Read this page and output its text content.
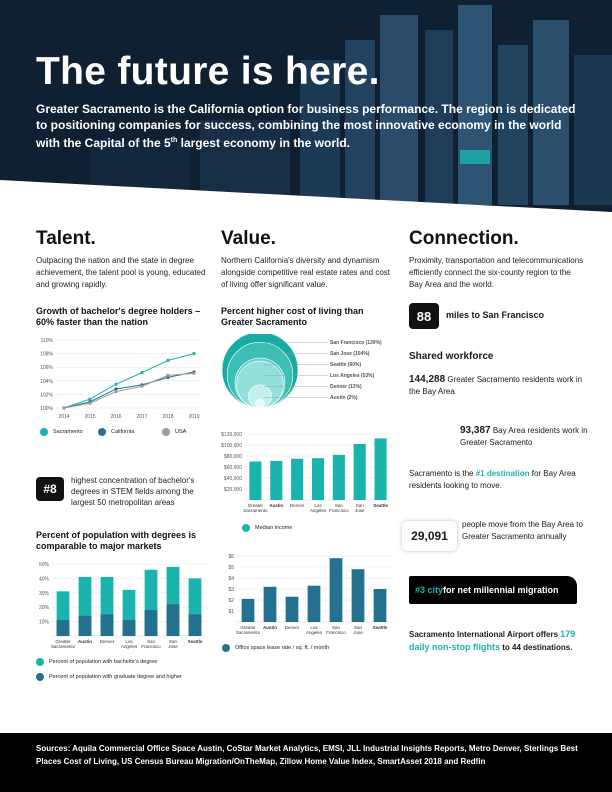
The future is here.

Greater Sacramento is the California option for business performance. The region is dedicated to positioning companies for success, combining the most innovative economy in the world with the Capital of the 5th largest economy in the world.

Talent.

Outpacing the nation and the state in degree achievement, the talent pool is young, educated and growing rapidly.

Growth of bachelor's degree holders – 60% faster than the nation

100%
102%
104%
106%
108%
110%
2014	2015	2016	2017	2018	2019
Sacramento	California	USA
#8

highest concentration of bachelor's degrees in STEM fields among the largest 50 metropolitan areas

Percent of population with degrees is comparable to major markets

10%
20%
30%
40%
50%
Greater
Sacramento
Austin Denver Los
Angeles
San
Francisco
San
Jose
Seattle
Percent of population with bachelor's degree
Percent of population with graduate degree and higher
Value.

Northern California's diversity and dynamism alongside competitive real estate rates and cost of living offer significant value.

Percent higher cost of living than Greater Sacramento

San Francisco (139%)
San Jose (104%)
Seattle (60%)
Los Angeles (53%)
Denver (13%)
Austin (2%)
$20,000
$40,000
$60,000
$80,000
$100,000
$120,000
Greater
Sacramento
Austin Denver Los
Angeles
San
Francisco
San
Jose
Seattle
Median income
$1
$2
$3
$4
$5
$6
Greater
Sacramento
Austin Denver Los
Angeles
San
Francisco
San
Jose
Seattle
Office space lease rate / sq. ft. / month
Connection.

Proximity, transportation and telecommunications efficiently connect the six-county region to the Bay Area and the world.

88	miles to San Francisco
Shared workforce

144,288 Greater Sacramento residents work in the Bay Area

93,387 Bay Area residents work in Greater Sacramento

Sacramento is the #1 destination for Bay Area residents looking to move.

29,091

people move from the Bay Area to Greater Sacramento annually

#3 city for net millennial migration

Sacramento International Airport offers 179 daily non-stop flights to 44 destinations.

Sources: Aquila Commercial Office Space Austin, CoStar Market Analytics, EMSI, JLL Industrial Insights Reports, Metro Denver, Sterlings Best Places Cost of Living, US Census Bureau Migration/OnTheMap, Zillow Home Value Index, SmartAsset 2018 and Redfin
